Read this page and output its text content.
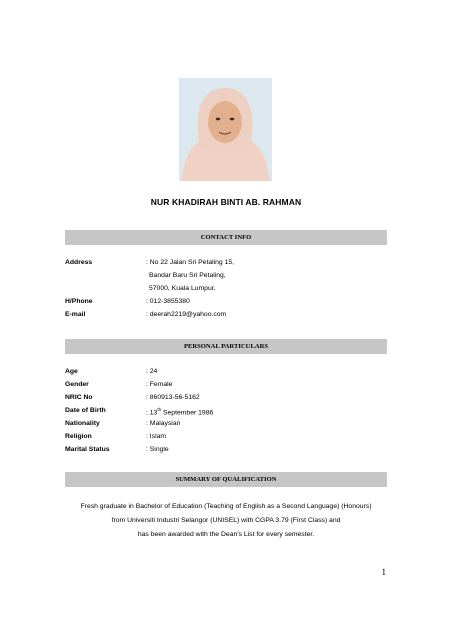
NUR KHADIRAH BINTI AB. RAHMAN
CONTACT INFO
Address	: No 22 Jalan Sri Petaling 15,
Bandar Baru Sri Petaling,
57000, Kuala Lumpur.
H/Phone	: 012-3855380
E-mail	: deerah2219@yahoo.com
PERSONAL PARTICULARS
Age	: 24
Gender	: Female
NRIC No	: 860913-56-5162
Date of Birth	: 13th September 1986
Nationality	: Malaysian
Religion	: Islam
Marital Status	: Single
SUMMARY OF QUALIFICATION
Fresh graduate in Bachelor of Education (Teaching of English as a Second Language) (Honours)
from Universiti Industri Selangor (UNISEL) with CGPA 3.79 (First Class) and
has been awarded with the Dean’s List for every semester.
1
